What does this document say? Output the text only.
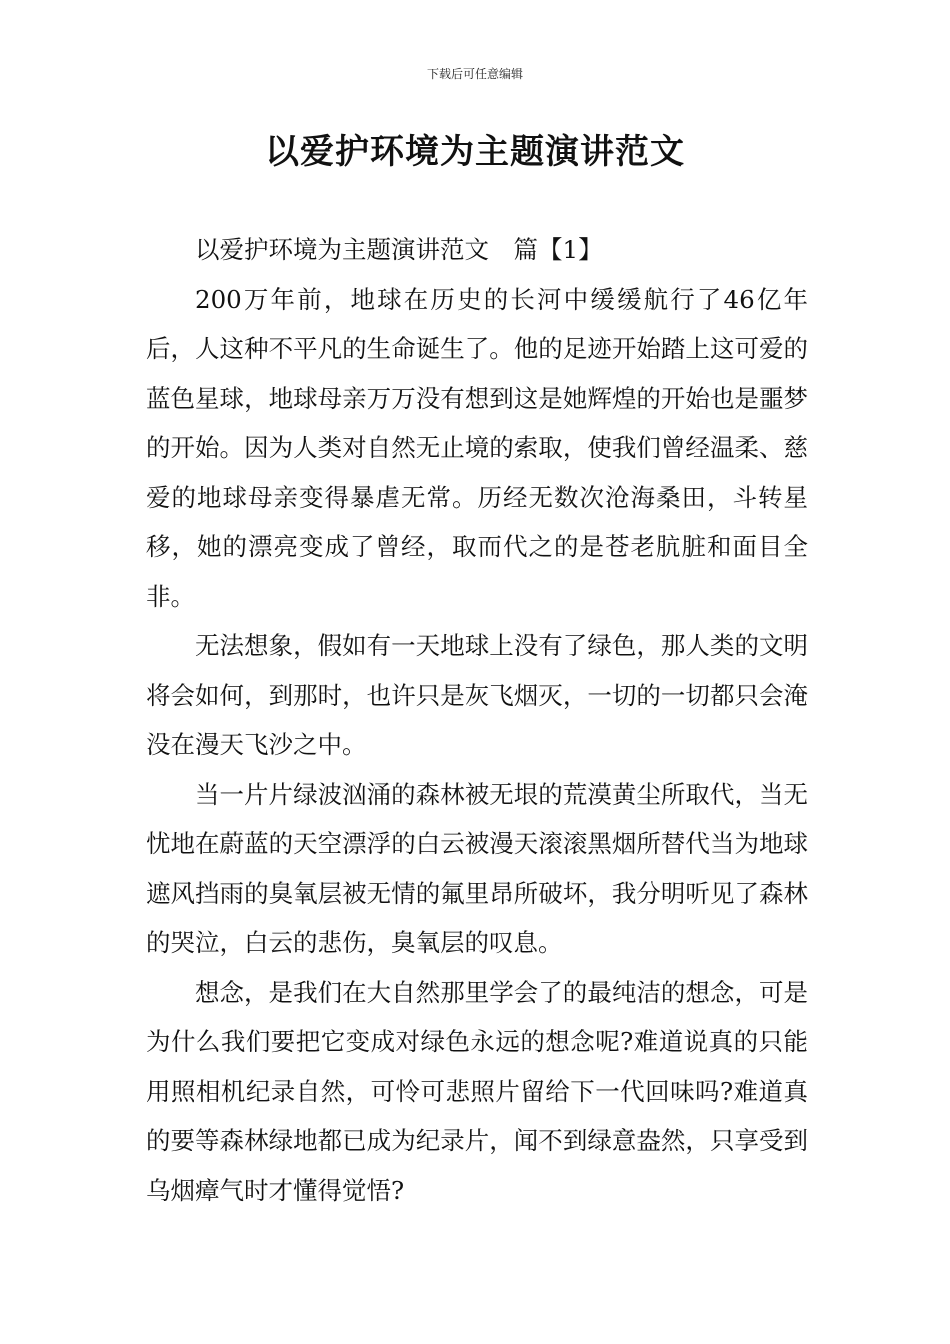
下载后可任意编辑
以爱护环境为主题演讲范文

以爱护环境为主题演讲范文　篇【1】

200万年前，地球在历史的长河中缓缓航行了46亿年后，人这种不平凡的生命诞生了。他的足迹开始踏上这可爱的蓝色星球，地球母亲万万没有想到这是她辉煌的开始也是噩梦的开始。因为人类对自然无止境的索取，使我们曾经温柔、慈爱的地球母亲变得暴虐无常。历经无数次沧海桑田，斗转星移，她的漂亮变成了曾经，取而代之的是苍老肮脏和面目全非。

无法想象，假如有一天地球上没有了绿色，那人类的文明将会如何，到那时，也许只是灰飞烟灭，一切的一切都只会淹没在漫天飞沙之中。

当一片片绿波汹涌的森林被无垠的荒漠黄尘所取代，当无忧地在蔚蓝的天空漂浮的白云被漫天滚滚黑烟所替代当为地球遮风挡雨的臭氧层被无情的氟里昂所破坏，我分明听见了森林的哭泣，白云的悲伤，臭氧层的叹息。

想念，是我们在大自然那里学会了的最纯洁的想念，可是为什么我们要把它变成对绿色永远的想念呢?难道说真的只能用照相机纪录自然，可怜可悲照片留给下一代回味吗?难道真的要等森林绿地都已成为纪录片，闻不到绿意盎然，只享受到乌烟瘴气时才懂得觉悟?
